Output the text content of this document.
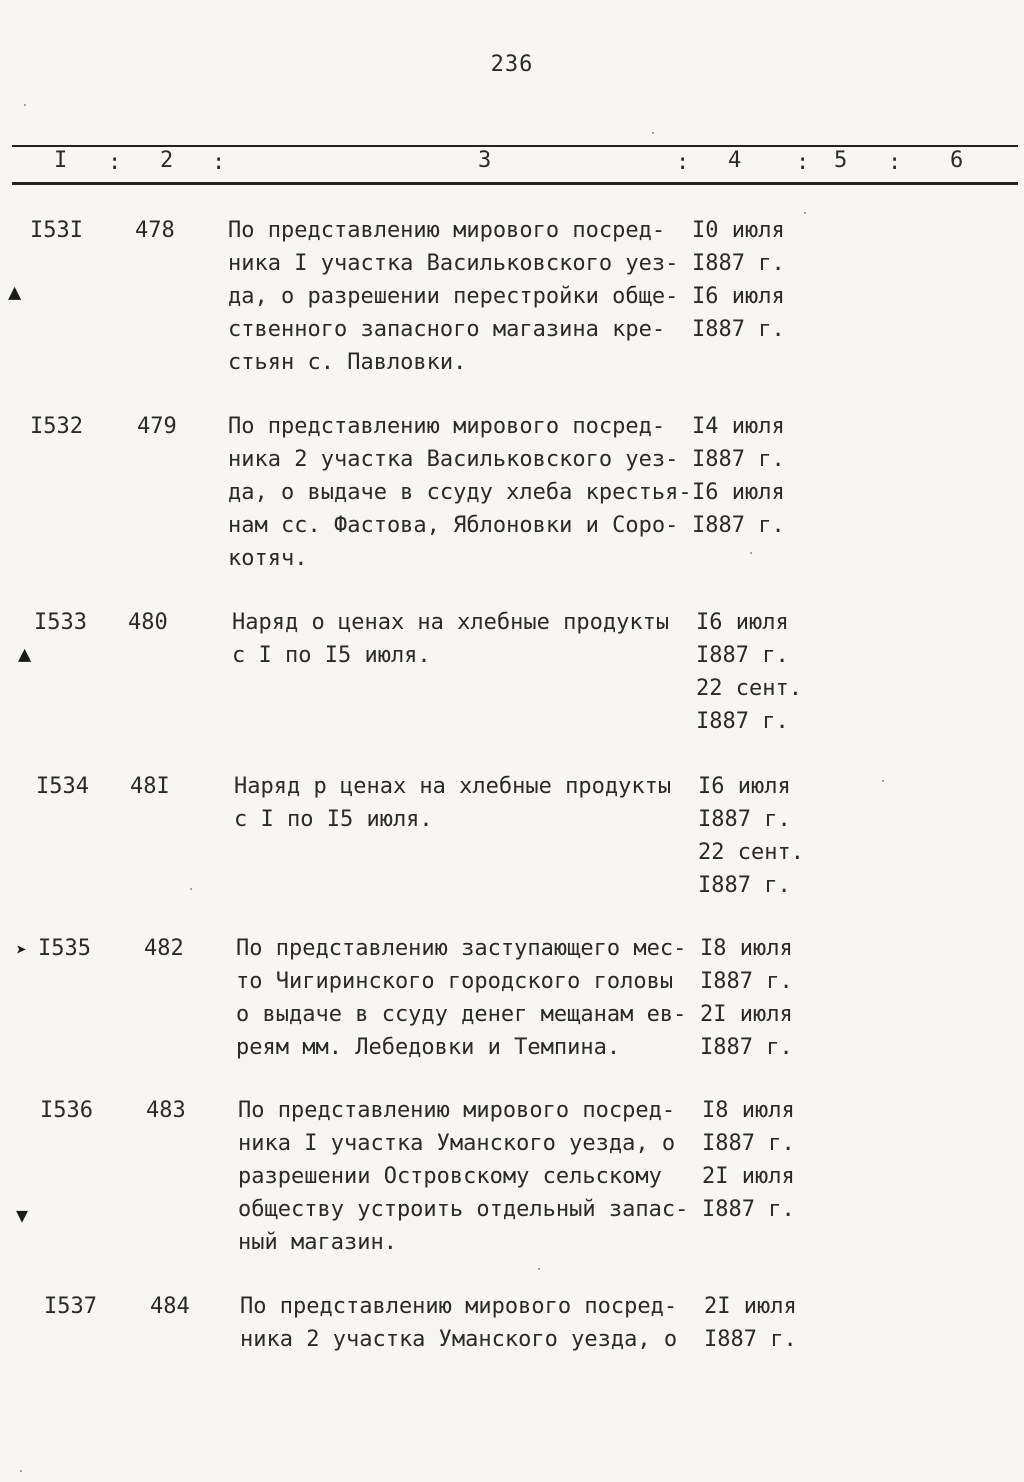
236
I : 2 :	3	: 4 : 5 : 6
I53I 478 По представлению мирового посред-
ника I участка Васильковского уез-
да, о разрешении перестройки обще-
ственного запасного магазина кре-
стьян с. Павловки.
I0 июля
I887 г.
I6 июля
I887 г.
I532 479 По представлению мирового посред-
ника 2 участка Васильковского уез-
да, о выдаче в ссуду хлеба крестья-
нам сс. Фастова, Яблоновки и Соро-
котяч.
I4 июля
I887 г.
I6 июля
I887 г.
I533 480	Наряд о ценах на хлебные продукты
с I по I5 июля.
I6 июля
I887 г.
22 сент.
I887 г.
I534 48I	Наряд р ценах на хлебные продукты
с I по I5 июля.
I6 июля
I887 г.
22 сент.
I887 г.
I535 482 По представлению заступающего мес-
то Чигиринского городского головы
о выдаче в ссуду денег мещанам ев-
реям мм. Лебедовки и Темпина.
I8 июля
I887 г.
2I июля
I887 г.
I536 483 По представлению мирового посред-
ника I участка Уманского уезда, о
разрешении Островскому сельскому
обществу устроить отдельный запас-
ный магазин.
I8 июля
I887 г.
2I июля
I887 г.
I537 484 По представлению мирового посред-
ника 2 участка Уманского уезда, о
2I июля
I887 г.
▲
▲
➤
▼
